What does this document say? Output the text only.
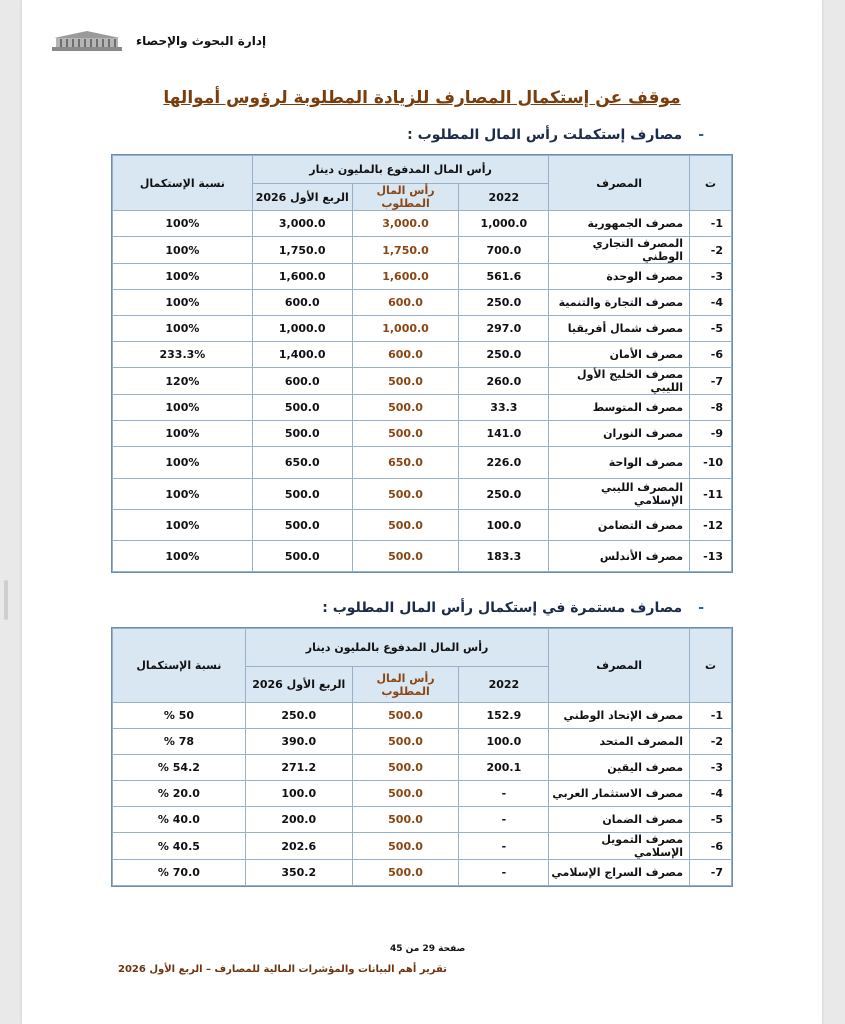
إدارة البحوث والإحصاء
موقف عن إستكمال المصارف للزيادة المطلوبة لرؤوس أموالها
-مصارف إستكملت رأس المال المطلوب :
ت	المصرف	رأس المال المدفوع بالمليون دينار			نسبة الإستكمال
		2022	رأس المال المطلوب	الربع الأول 2026	
1-	مصرف الجمهورية	1,000.0	3,000.0	3,000.0	100%
2-	المصرف التجاري الوطني	700.0	1,750.0	1,750.0	100%
3-	مصرف الوحدة	561.6	1,600.0	1,600.0	100%
4-	مصرف التجارة والتنمية	250.0	600.0	600.0	100%
5-	مصرف شمال أفريقيا	297.0	1,000.0	1,000.0	100%
6-	مصرف الأمان	250.0	600.0	1,400.0	233.3%
7-	مصرف الخليج الأول الليبي	260.0	500.0	600.0	120%
8-	مصرف المتوسط	33.3	500.0	500.0	100%
9-	مصرف النوران	141.0	500.0	500.0	100%
10-	مصرف الواحة	226.0	650.0	650.0	100%
11-	المصرف الليبي الإسلامي	250.0	500.0	500.0	100%
12-	مصرف التضامن	100.0	500.0	500.0	100%
13-	مصرف الأندلس	183.3	500.0	500.0	100%
-مصارف مستمرة في إستكمال رأس المال المطلوب :
ت	المصرف	رأس المال المدفوع بالمليون دينار			نسبة الإستكمال
		2022	رأس المال المطلوب	الربع الأول 2026	
1-	مصرف الإتحاد الوطني	152.9	500.0	250.0	50 %
2-	المصرف المتحد	100.0	500.0	390.0	78 %
3-	مصرف اليقين	200.1	500.0	271.2	54.2 %
4-	مصرف الاستثمار العربي	-	500.0	100.0	20.0 %
5-	مصرف الضمان	-	500.0	200.0	40.0 %
6-	مصرف التمويل الإسلامي	-	500.0	202.6	40.5 %
7-	مصرف السراج الإسلامي	-	500.0	350.2	70.0 %
صفحة 29 من 45
تقرير أهم البيانات والمؤشرات المالية للمصارف – الربع الأول 2026
